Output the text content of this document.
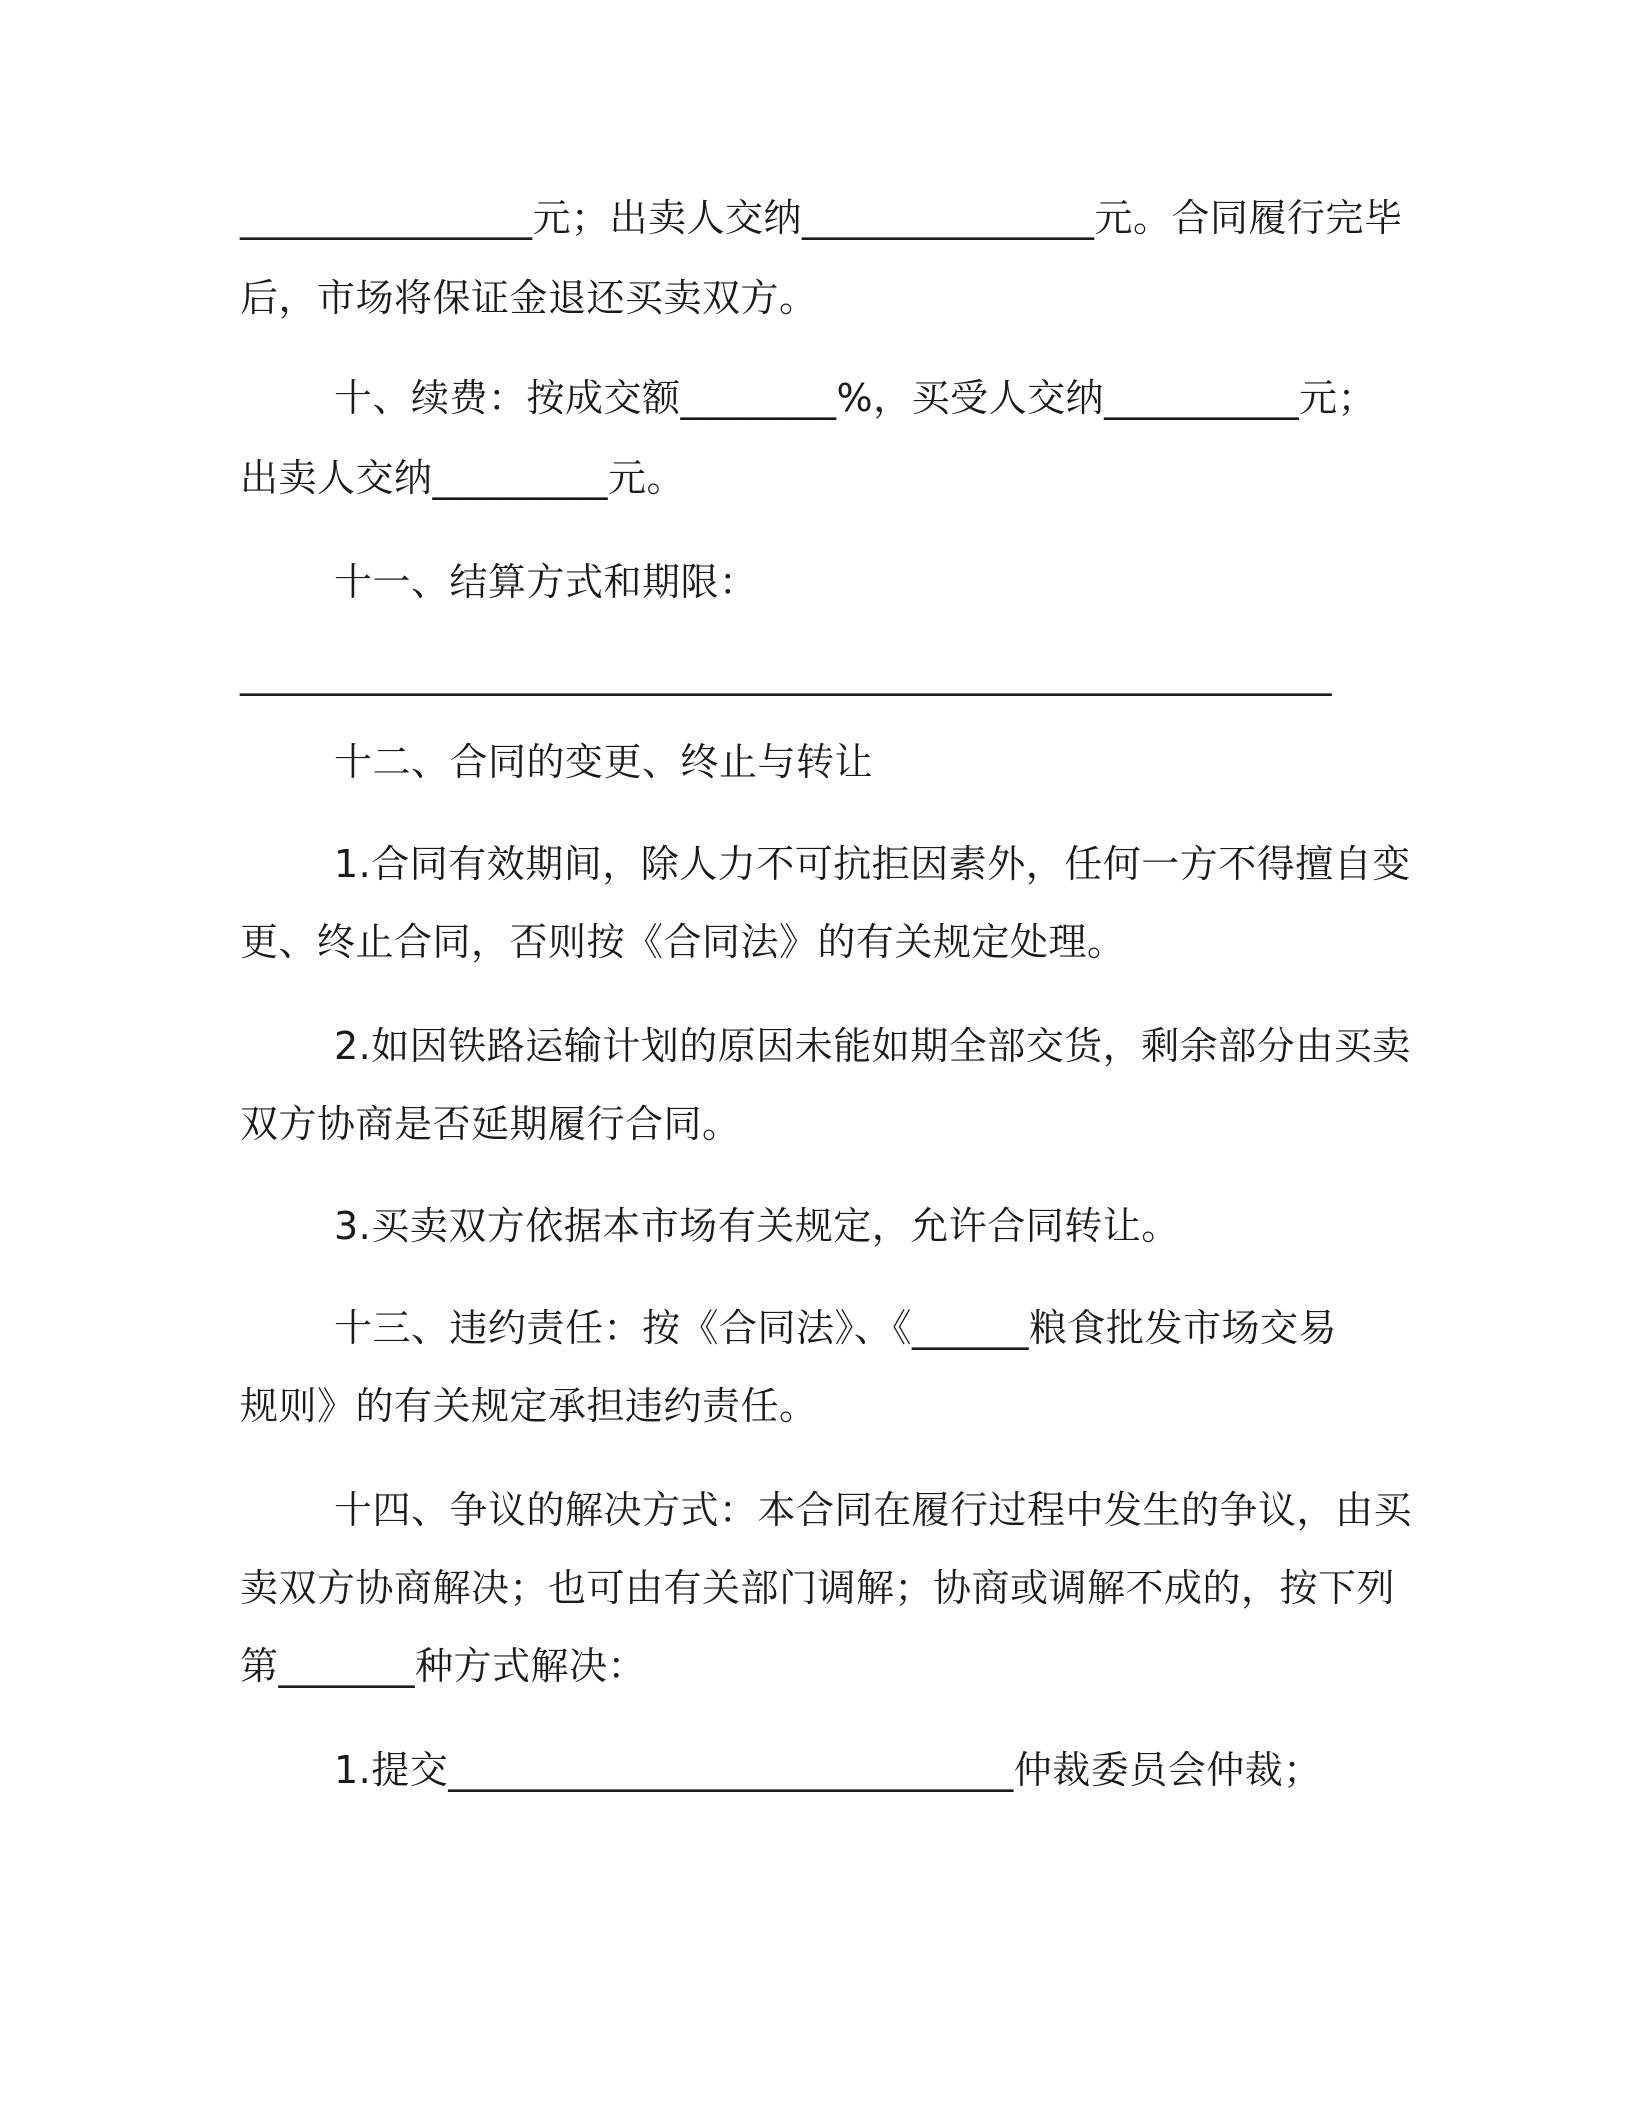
_______________元；出卖人交纳_______________元。合同履行完毕
后，市场将保证金退还买卖双方。
十、续费：按成交额________%，买受人交纳__________元；
出卖人交纳_________元。
十一、结算方式和期限：
________________________________________________________
十二、合同的变更、终止与转让
1.合同有效期间，除人力不可抗拒因素外，任何一方不得擅自变
更、终止合同，否则按《合同法》的有关规定处理。
2.如因铁路运输计划的原因未能如期全部交货，剩余部分由买卖
双方协商是否延期履行合同。
3.买卖双方依据本市场有关规定，允许合同转让。
十三、违约责任：按《合同法》、《______粮食批发市场交易
规则》的有关规定承担违约责任。
十四、争议的解决方式：本合同在履行过程中发生的争议，由买
卖双方协商解决；也可由有关部门调解；协商或调解不成的，按下列
第_______种方式解决：
1.提交_____________________________仲裁委员会仲裁；
